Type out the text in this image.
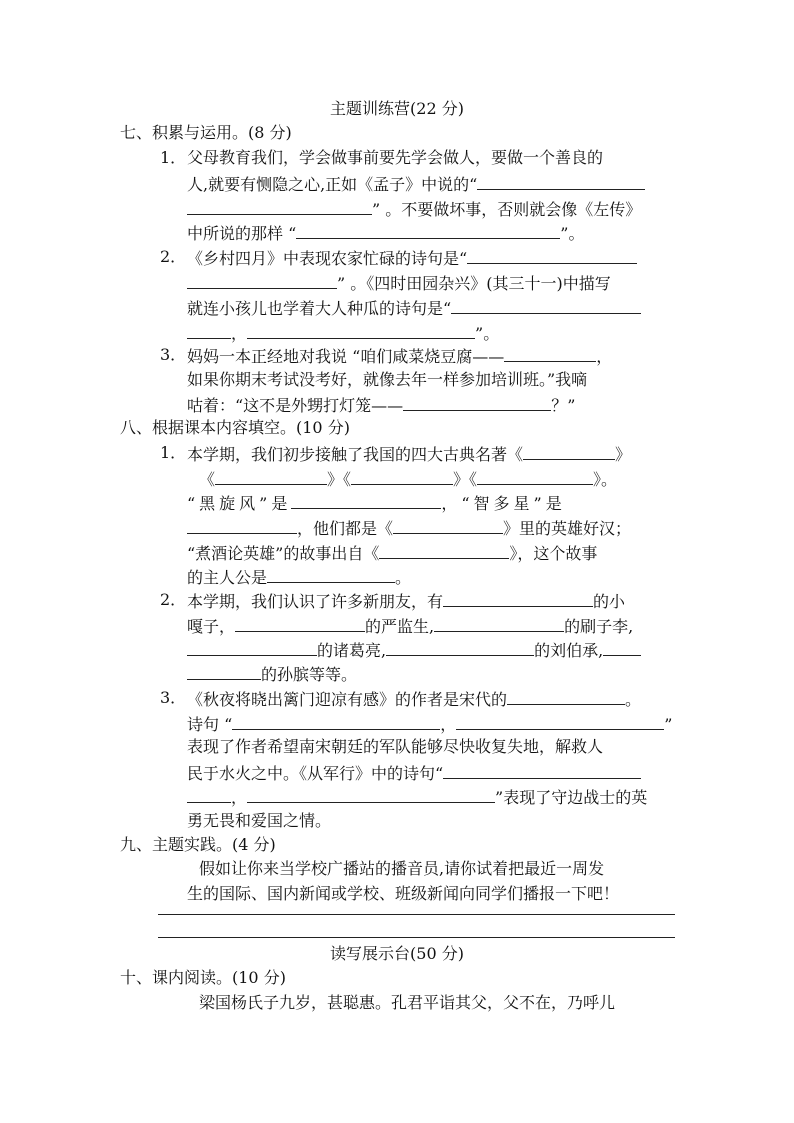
主题训练营(22 分)
七、积累与运用。(8 分)
1． 父母教育我们，学会做事前要先学会做人，要做一个善良的
人,就要有恻隐之心,正如《孟子》中说的“
” 。不要做坏事，否则就会像《左传》
中所说的那样 “	”。
2． 《乡村四月》中表现农家忙碌的诗句是“
” 。《四时田园杂兴》(其三十一)中描写
就连小孩儿也学着大人种瓜的诗句是“
，	”。
3． 妈妈一本正经地对我说 “咱们咸菜烧豆腐——	，
如果你期末考试没考好，就像去年一样参加培训班。”我嘀
咕着：“这不是外甥打灯笼——	？”
八、根据课本内容填空。(10 分)
1． 本学期，我们初步接触了我国的四大古典名著《	》
《	》《	》《	》。
“黑旋风”是	，“智多星”是
，他们都是《	》里的英雄好汉；
“煮酒论英雄”的故事出自《	》，这个故事
的主人公是	。
2． 本学期，我们认识了许多新朋友，有	的小
嘎子，	的严监生,	的刷子李,
的诸葛亮,	的刘伯承,
的孙膑等等。
3． 《秋夜将晓出篱门迎凉有感》的作者是宋代的	。
诗句 “	，	”
表现了作者希望南宋朝廷的军队能够尽快收复失地，解救人
民于水火之中。《从军行》中的诗句“
，	”表现了守边战士的英
勇无畏和爱国之情。
九、主题实践。(4 分)
假如让你来当学校广播站的播音员,请你试着把最近一周发
生的国际、国内新闻或学校、班级新闻向同学们播报一下吧！
读写展示台(50 分)
十、课内阅读。(10 分)
梁国杨氏子九岁，甚聪惠。孔君平诣其父，父不在，乃呼儿
